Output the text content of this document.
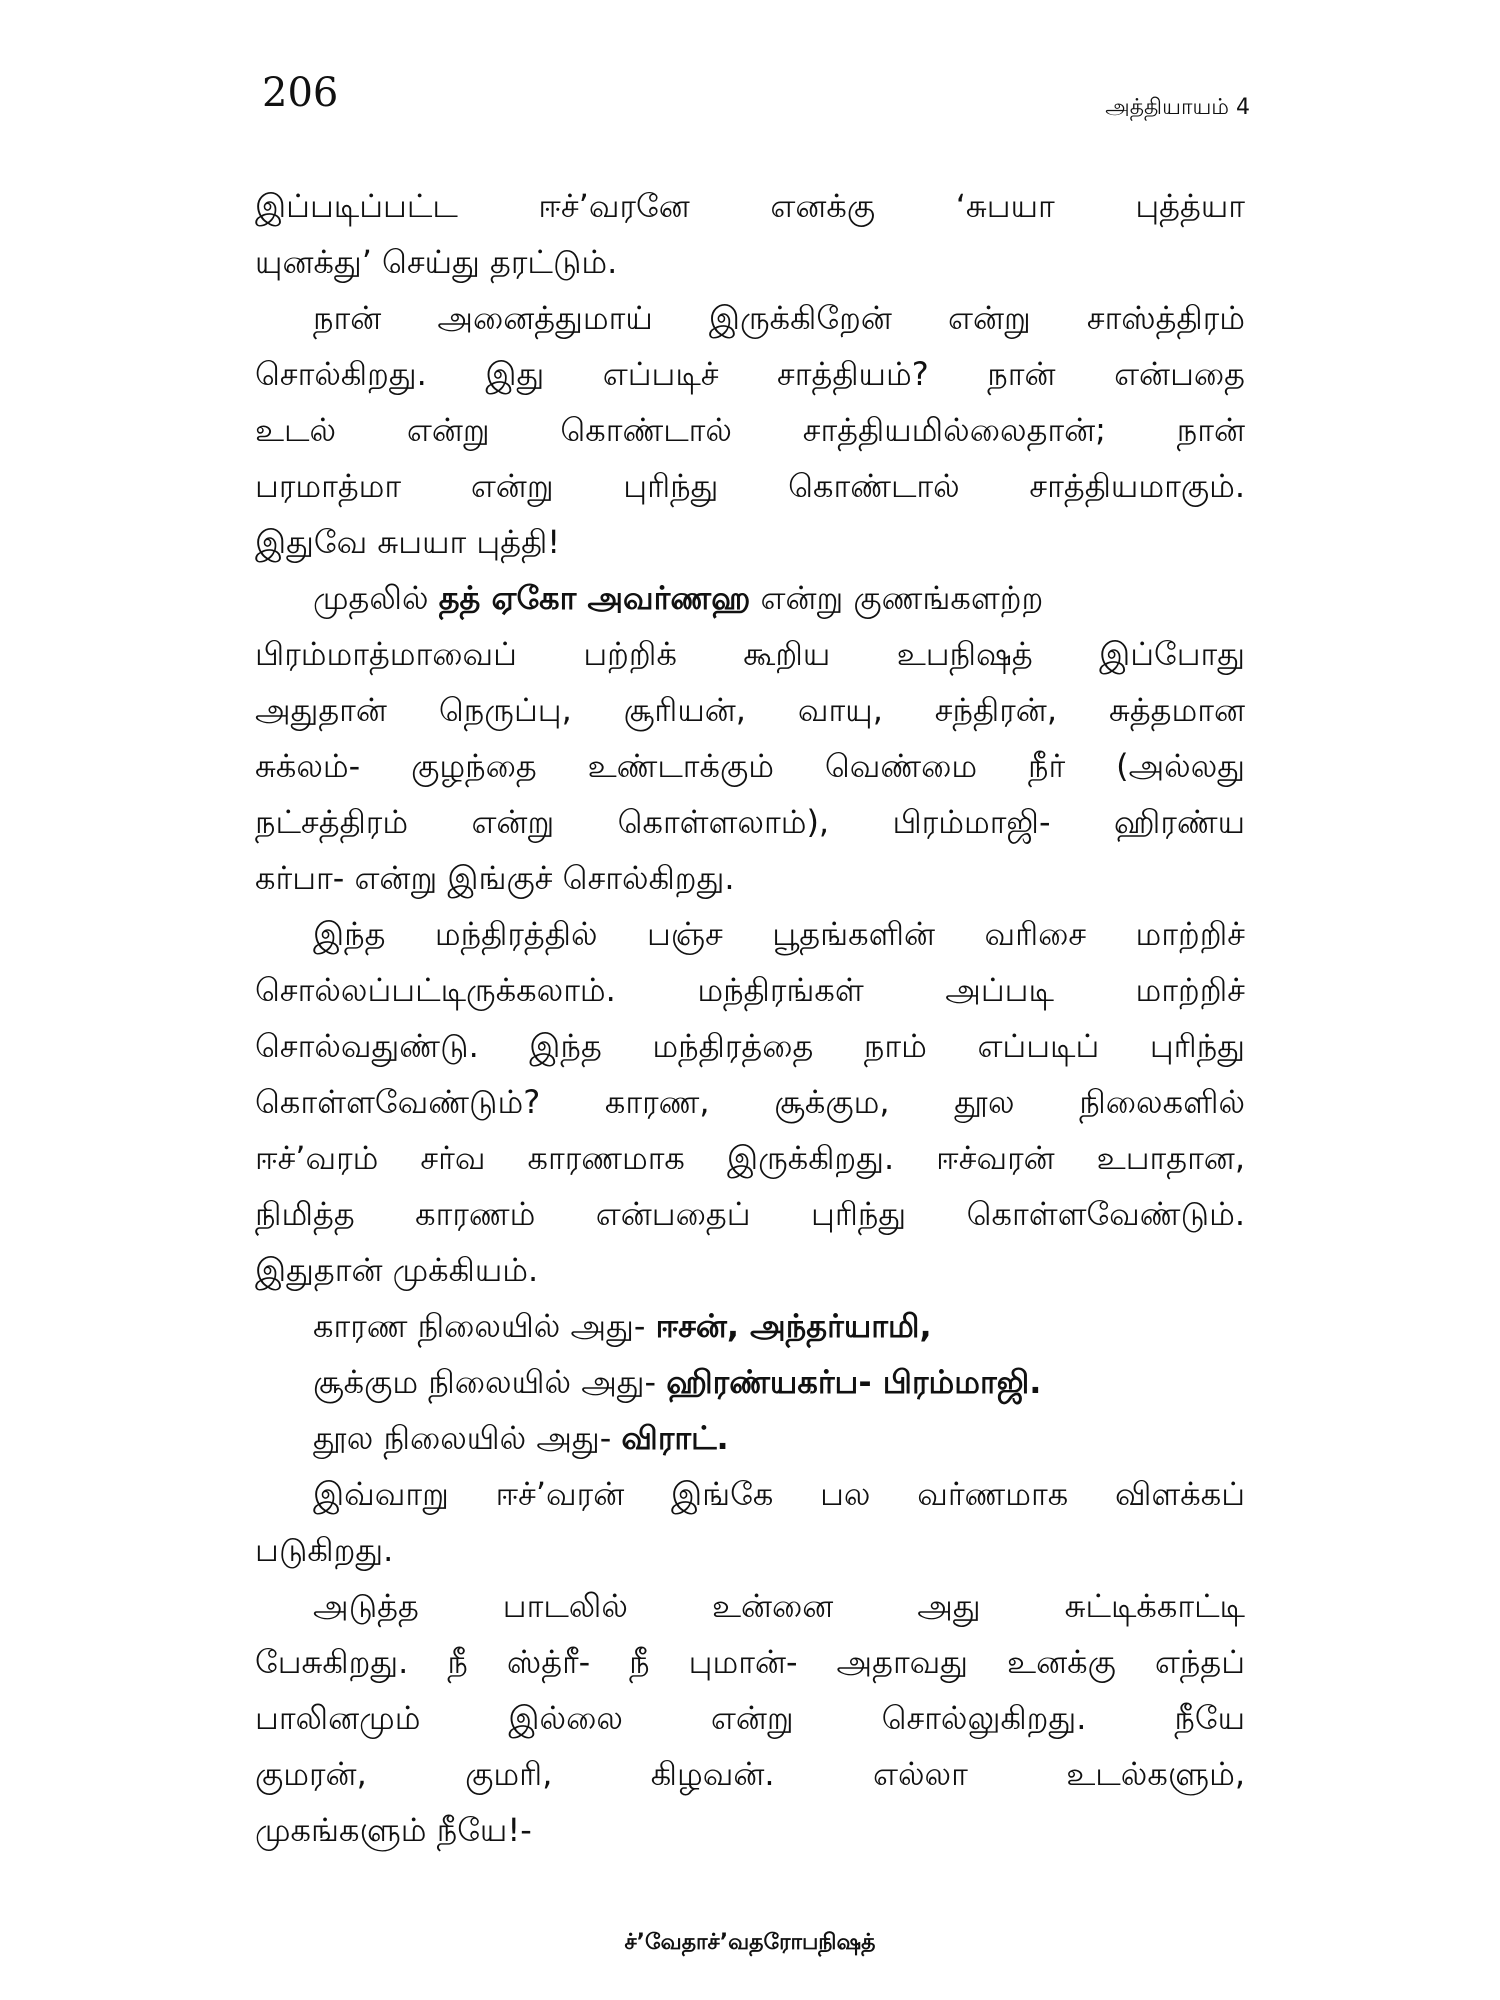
206	அத்தியாயம் 4
இப்படிப்பட்ட ஈச்’வரனே எனக்கு ‘சுபயா புத்த்யா
யுனக்து’ செய்து தரட்டும்.
நான் அனைத்துமாய் இருக்கிறேன் என்று சாஸ்த்திரம்
சொல்கிறது. இது எப்படிச் சாத்தியம்? நான் என்பதை
உடல் என்று கொண்டால் சாத்தியமில்லைதான்; நான்
பரமாத்மா என்று புரிந்து கொண்டால் சாத்தியமாகும்.
இதுவே சுபயா புத்தி!
முதலில் தத் ஏகோ அவர்ணஹ என்று குணங்களற்ற
பிரம்மாத்மாவைப் பற்றிக் கூறிய உபநிஷத் இப்போது
அதுதான் நெருப்பு, சூரியன், வாயு, சந்திரன், சுத்தமான
சுக்லம்- குழந்தை உண்டாக்கும் வெண்மை நீர் (அல்லது
நட்சத்திரம் என்று கொள்ளலாம்), பிரம்மாஜி- ஹிரண்ய
கர்பா- என்று இங்குச் சொல்கிறது.
இந்த மந்திரத்தில் பஞ்ச பூதங்களின் வரிசை மாற்றிச்
சொல்லப்பட்டிருக்கலாம். மந்திரங்கள் அப்படி மாற்றிச்
சொல்வதுண்டு. இந்த மந்திரத்தை நாம் எப்படிப் புரிந்து
கொள்ளவேண்டும்? காரண, சூக்கும, தூல நிலைகளில்
ஈச்’வரம் சர்வ காரணமாக இருக்கிறது. ஈச்வரன் உபாதான,
நிமித்த காரணம் என்பதைப் புரிந்து கொள்ளவேண்டும்.
இதுதான் முக்கியம்.
காரண நிலையில் அது- ஈசன், அந்தர்யாமி,
சூக்கும நிலையில் அது- ஹிரண்யகர்ப- பிரம்மாஜி.
தூல நிலையில் அது- விராட்.
இவ்வாறு ஈச்’வரன் இங்கே பல வர்ணமாக விளக்கப்
படுகிறது.
அடுத்த பாடலில் உன்னை அது சுட்டிக்காட்டி
பேசுகிறது. நீ ஸ்த்ரீ- நீ புமான்- அதாவது உனக்கு எந்தப்
பாலினமும் இல்லை என்று சொல்லுகிறது. நீயே
குமரன், குமரி, கிழவன். எல்லா உடல்களும்,
முகங்களும் நீயே!-
ச்’வேதாச்’வதரோபநிஷத்
